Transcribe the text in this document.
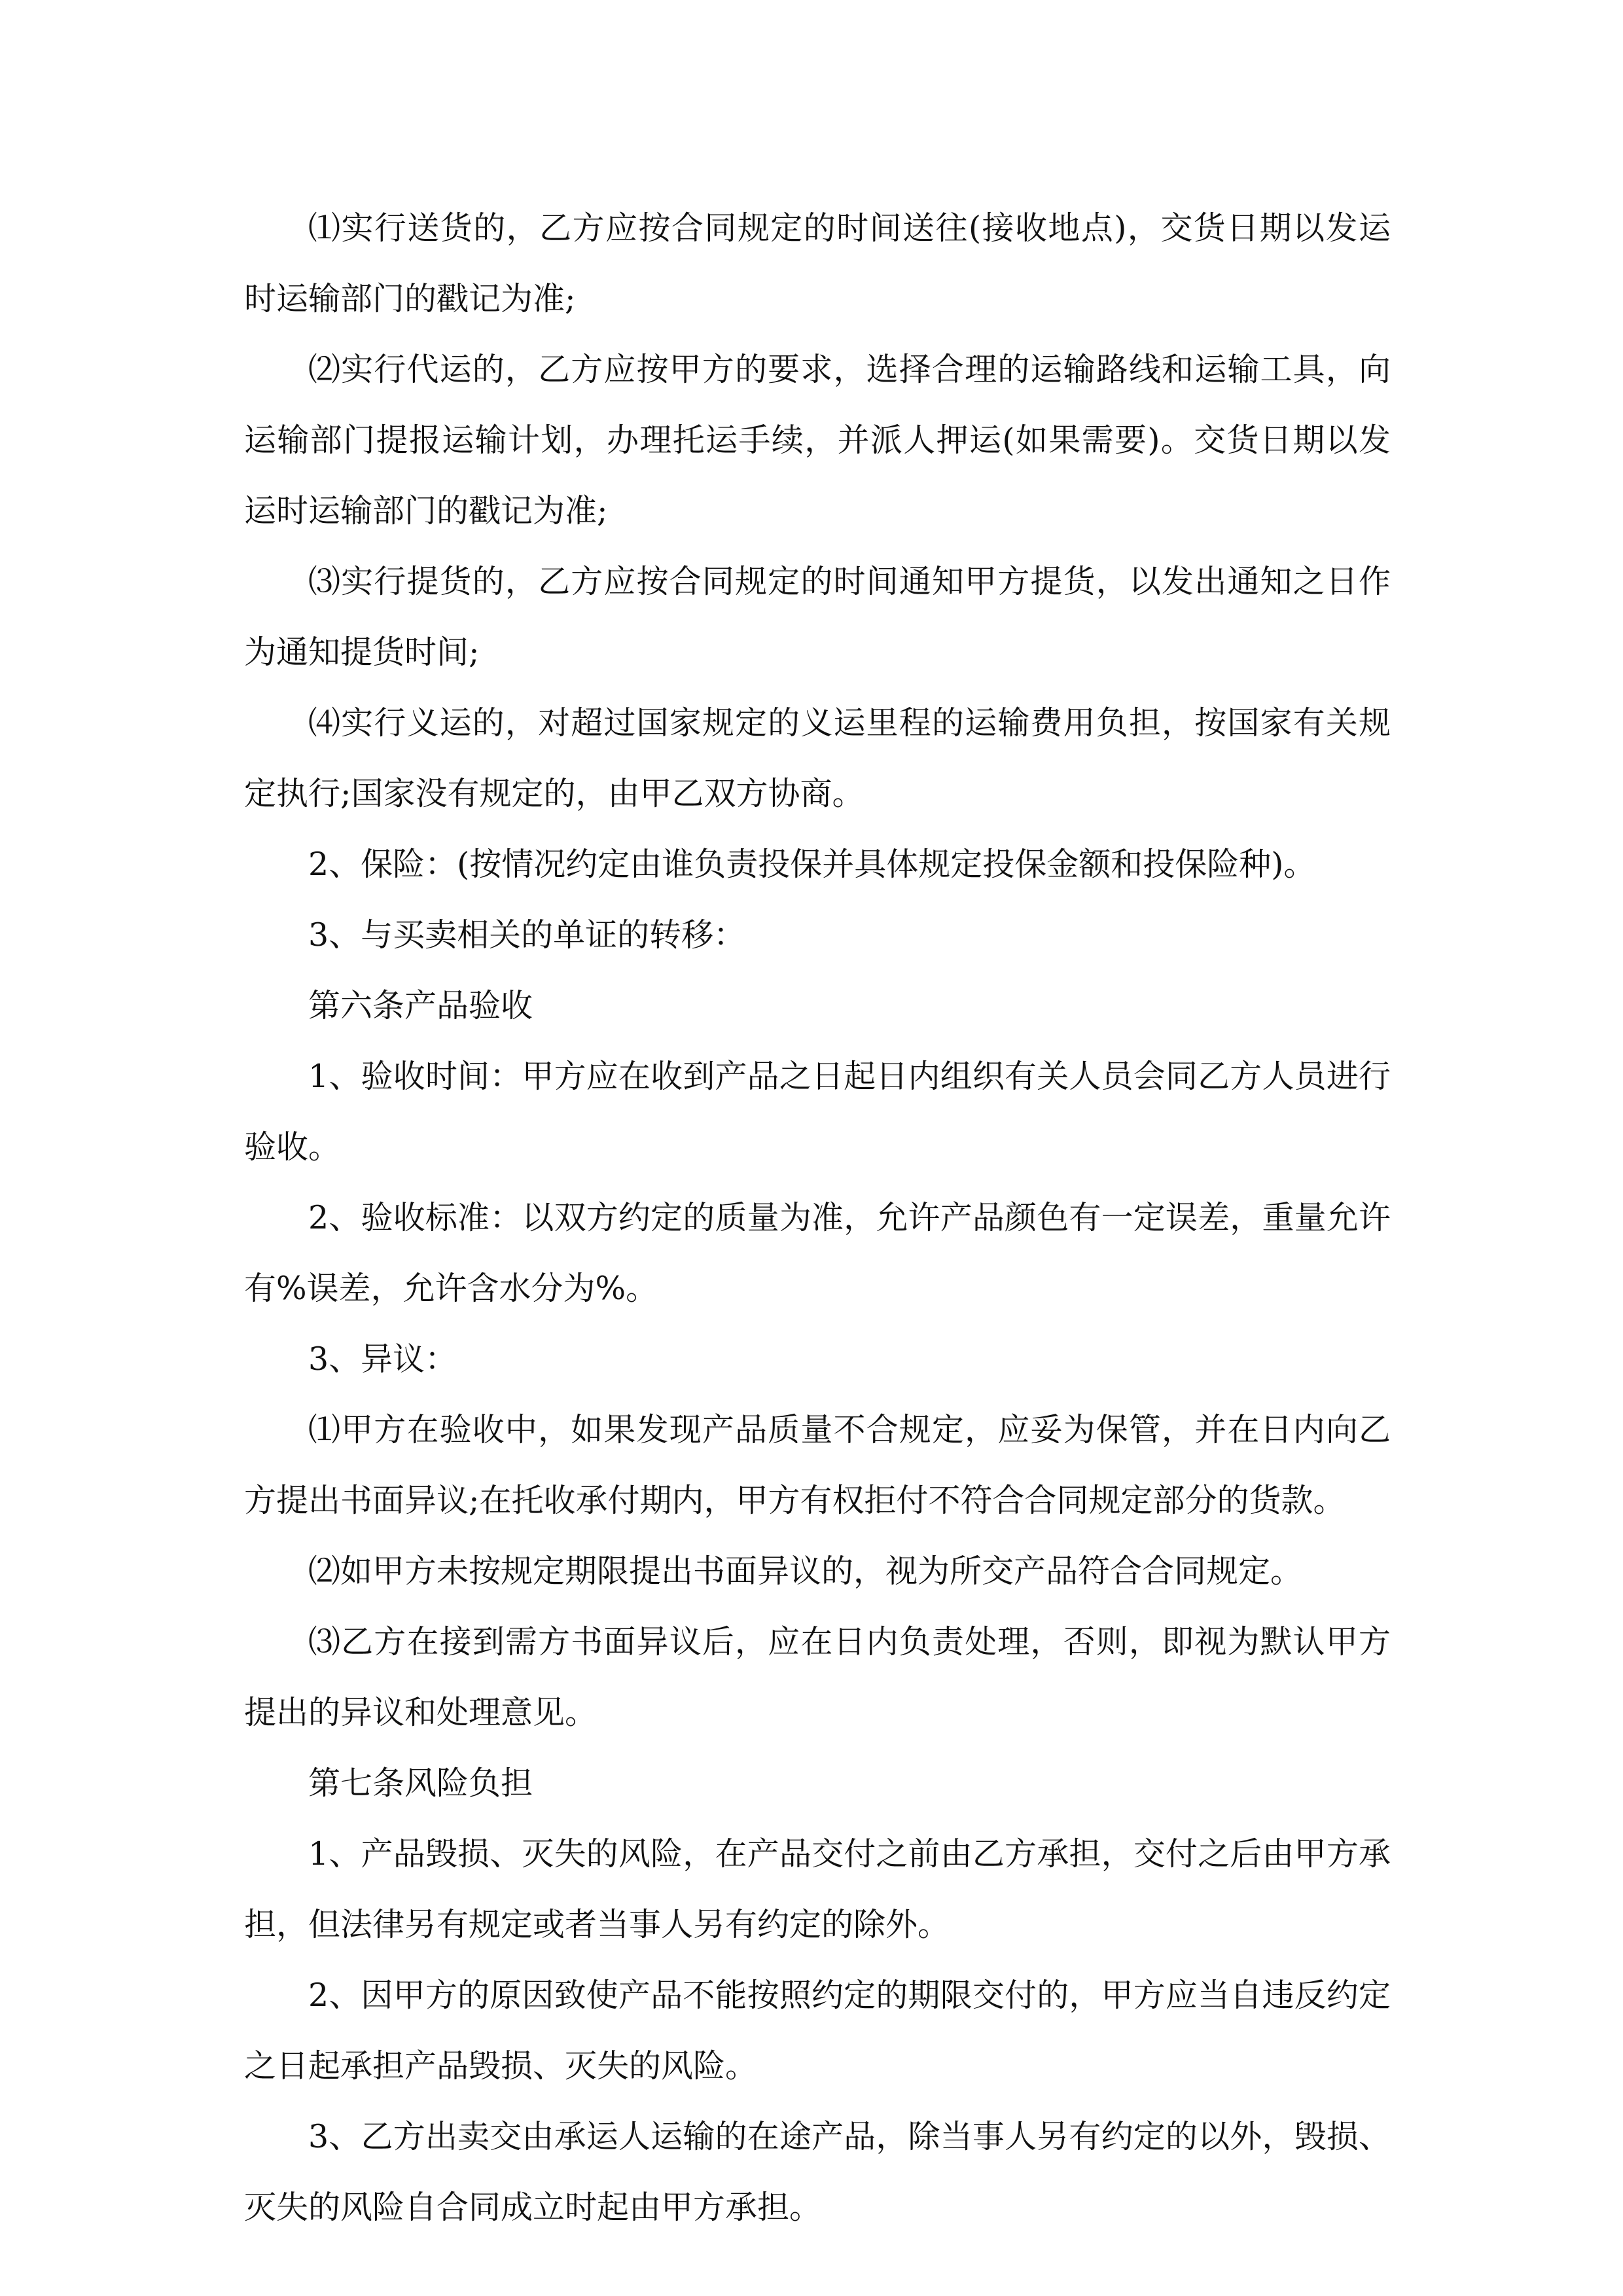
⑴实行送货的，乙方应按合同规定的时间送往(接收地点)，交货日期以发运时运输部门的戳记为准;

⑵实行代运的，乙方应按甲方的要求，选择合理的运输路线和运输工具，向运输部门提报运输计划，办理托运手续，并派人押运(如果需要)。交货日期以发运时运输部门的戳记为准;

⑶实行提货的，乙方应按合同规定的时间通知甲方提货，以发出通知之日作为通知提货时间;

⑷实行义运的，对超过国家规定的义运里程的运输费用负担，按国家有关规定执行;国家没有规定的，由甲乙双方协商。

2、保险：(按情况约定由谁负责投保并具体规定投保金额和投保险种)。

3、与买卖相关的单证的转移：

第六条产品验收

1、验收时间：甲方应在收到产品之日起日内组织有关人员会同乙方人员进行验收。

2、验收标准：以双方约定的质量为准，允许产品颜色有一定误差，重量允许有%误差，允许含水分为%。

3、异议：

⑴甲方在验收中，如果发现产品质量不合规定，应妥为保管，并在日内向乙方提出书面异议;在托收承付期内，甲方有权拒付不符合合同规定部分的货款。

⑵如甲方未按规定期限提出书面异议的，视为所交产品符合合同规定。

⑶乙方在接到需方书面异议后，应在日内负责处理，否则，即视为默认甲方提出的异议和处理意见。

第七条风险负担

1、产品毁损、灭失的风险，在产品交付之前由乙方承担，交付之后由甲方承担，但法律另有规定或者当事人另有约定的除外。

2、因甲方的原因致使产品不能按照约定的期限交付的，甲方应当自违反约定之日起承担产品毁损、灭失的风险。

3、乙方出卖交由承运人运输的在途产品，除当事人另有约定的以外，毁损、灭失的风险自合同成立时起由甲方承担。
